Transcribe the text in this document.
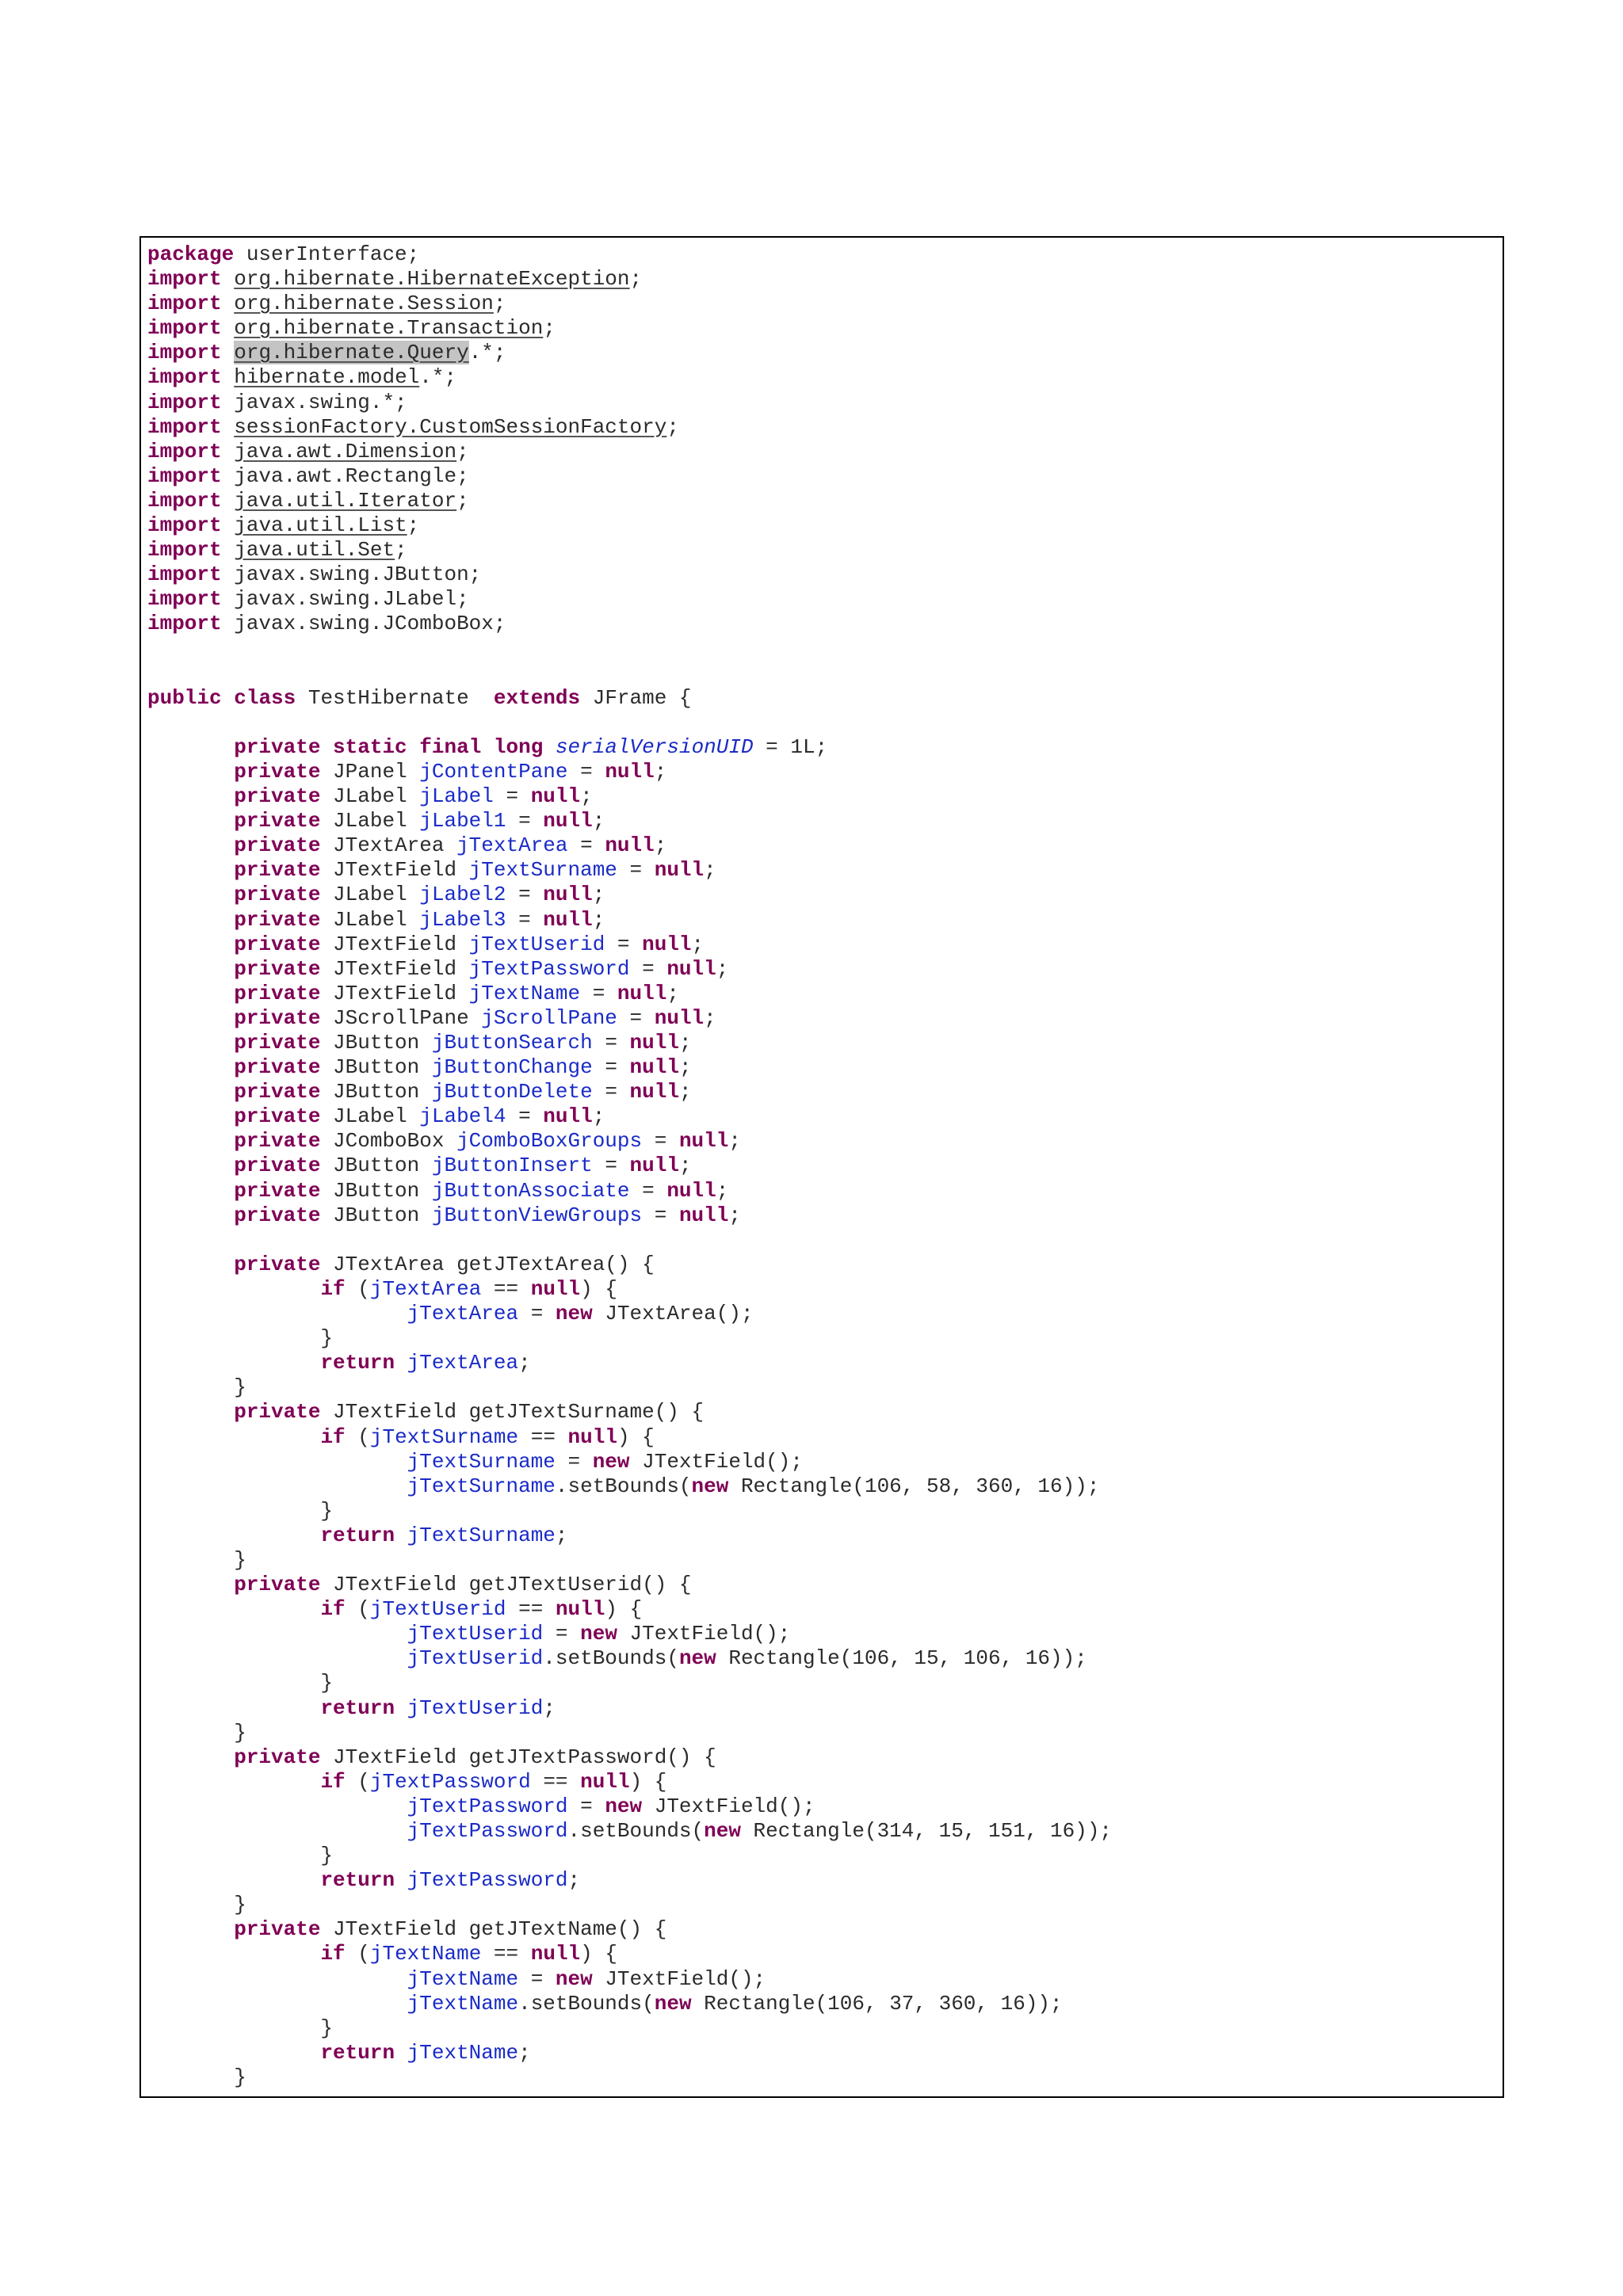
package userInterface;
import org.hibernate.HibernateException;
import org.hibernate.Session;
import org.hibernate.Transaction;
import org.hibernate.Query.*;
import hibernate.model.*;
import javax.swing.*;
import sessionFactory.CustomSessionFactory;
import java.awt.Dimension;
import java.awt.Rectangle;
import java.util.Iterator;
import java.util.List;
import java.util.Set;
import javax.swing.JButton;
import javax.swing.JLabel;
import javax.swing.JComboBox;

public class TestHibernate  extends JFrame {

private static final long serialVersionUID = 1L;
private JPanel jContentPane = null;
private JLabel jLabel = null;
private JLabel jLabel1 = null;
private JTextArea jTextArea = null;
private JTextField jTextSurname = null;
private JLabel jLabel2 = null;
private JLabel jLabel3 = null;
private JTextField jTextUserid = null;
private JTextField jTextPassword = null;
private JTextField jTextName = null;
private JScrollPane jScrollPane = null;
private JButton jButtonSearch = null;
private JButton jButtonChange = null;
private JButton jButtonDelete = null;
private JLabel jLabel4 = null;
private JComboBox jComboBoxGroups = null;
private JButton jButtonInsert = null;
private JButton jButtonAssociate = null;
private JButton jButtonViewGroups = null;

private JTextArea getJTextArea() {
if (jTextArea == null) {
jTextArea = new JTextArea();
}
return jTextArea;
}
private JTextField getJTextSurname() {
if (jTextSurname == null) {
jTextSurname = new JTextField();
jTextSurname.setBounds(new Rectangle(106, 58, 360, 16));
}
return jTextSurname;
}
private JTextField getJTextUserid() {
if (jTextUserid == null) {
jTextUserid = new JTextField();
jTextUserid.setBounds(new Rectangle(106, 15, 106, 16));
}
return jTextUserid;
}
private JTextField getJTextPassword() {
if (jTextPassword == null) {
jTextPassword = new JTextField();
jTextPassword.setBounds(new Rectangle(314, 15, 151, 16));
}
return jTextPassword;
}
private JTextField getJTextName() {
if (jTextName == null) {
jTextName = new JTextField();
jTextName.setBounds(new Rectangle(106, 37, 360, 16));
}
return jTextName;
}
